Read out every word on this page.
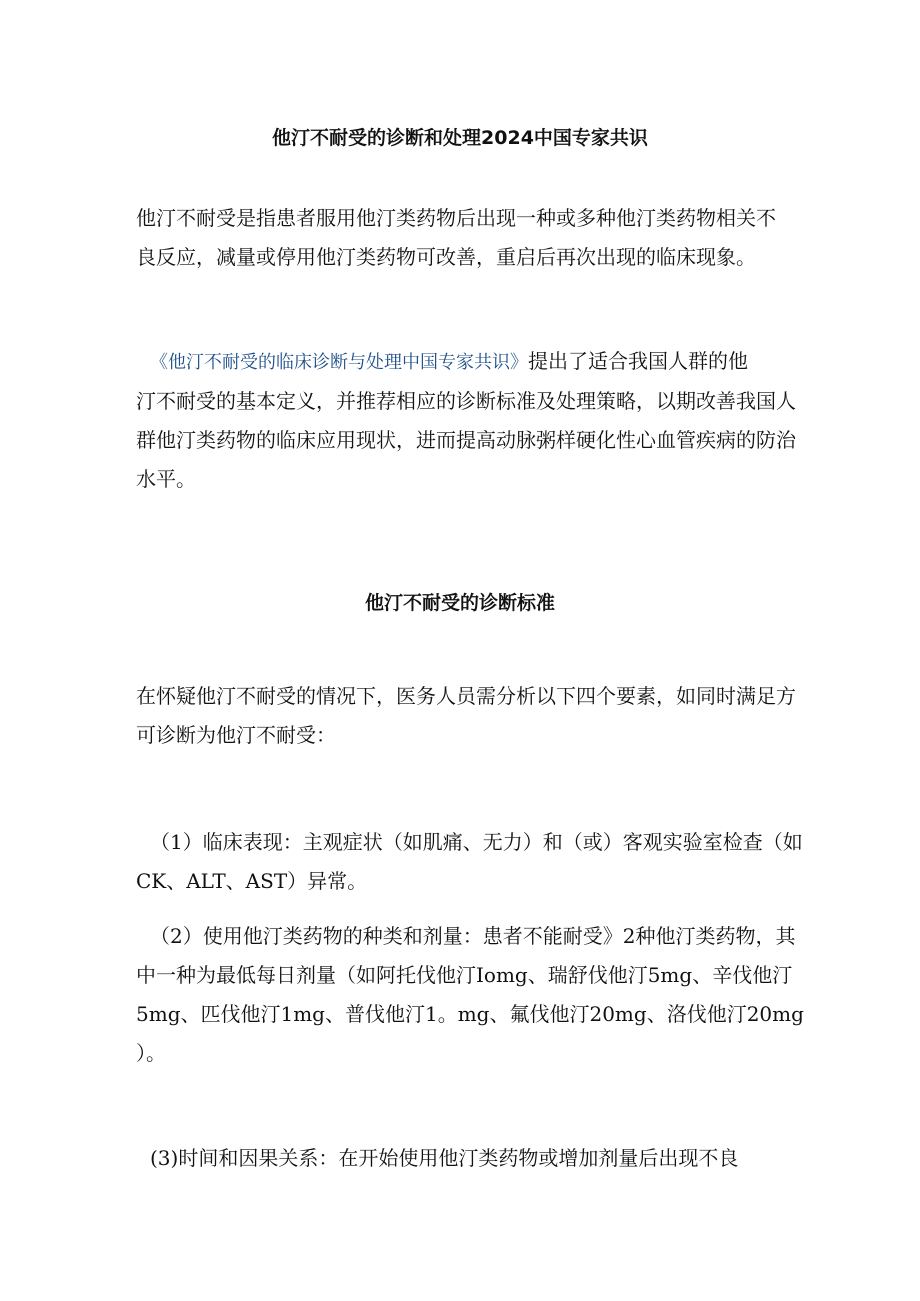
他汀不耐受的诊断和处理2024中国专家共识

他汀不耐受是指患者服用他汀类药物后出现一种或多种他汀类药物相关不
良反应，减量或停用他汀类药物可改善，重启后再次出现的临床现象。

《他汀不耐受的临床诊断与处理中国专家共识》提出了适合我国人群的他
汀不耐受的基本定义，并推荐相应的诊断标准及处理策略，以期改善我国人
群他汀类药物的临床应用现状，进而提高动脉粥样硬化性心血管疾病的防治
水平。

他汀不耐受的诊断标准

在怀疑他汀不耐受的情况下，医务人员需分析以下四个要素，如同时满足方
可诊断为他汀不耐受：

（1）临床表现：主观症状（如肌痛、无力）和（或）客观实验室检查（如
CK、ALT、AST）异常。

（2）使用他汀类药物的种类和剂量：患者不能耐受》2种他汀类药物，其
中一种为最低每日剂量（如阿托伐他汀Iomg、瑞舒伐他汀5mg、辛伐他汀
5mg、匹伐他汀1mg、普伐他汀1。mg、氟伐他汀20mg、洛伐他汀20mg
）。

(3)时间和因果关系：在开始使用他汀类药物或增加剂量后出现不良
